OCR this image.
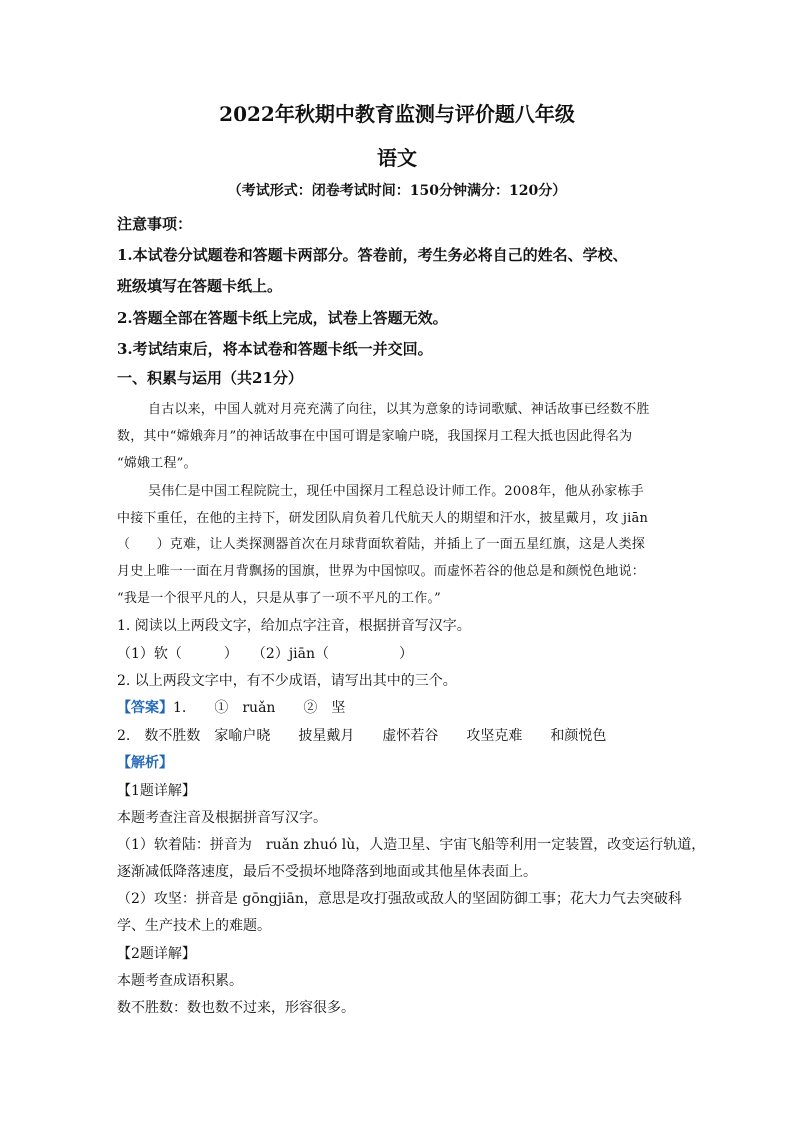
2022年秋期中教育监测与评价题八年级
语文
（考试形式：闭卷考试时间：150分钟满分：120分）
注意事项：
1.本试卷分试题卷和答题卡两部分。答卷前，考生务必将自己的姓名、学校、
班级填写在答题卡纸上。
2.答题全部在答题卡纸上完成，试卷上答题无效。
3.考试结束后，将本试卷和答题卡纸一并交回。
一、积累与运用（共21分）
自古以来，中国人就对月亮充满了向往，以其为意象的诗词歌赋、神话故事已经数不胜
数，其中“嫦娥奔月”的神话故事在中国可谓是家喻户晓，我国探月工程大抵也因此得名为
“嫦娥工程”。
吴伟仁是中国工程院院士，现任中国探月工程总设计师工作。2008年，他从孙家栋手
中接下重任，在他的主持下，研发团队肩负着几代航天人的期望和汗水，披星戴月，攻 jiān
（　　）克难，让人类探测器首次在月球背面软着陆，并插上了一面五星红旗，这是人类探
月史上唯一一面在月背飘扬的国旗，世界为中国惊叹。而虚怀若谷的他总是和颜悦色地说：
“我是一个很平凡的人，只是从事了一项不平凡的工作。”
1. 阅读以上两段文字，给加点字注音，根据拼音写汉字。
（1）软（　　　）　　（2）jiān（　　　　　）
2. 以上两段文字中，有不少成语，请写出其中的三个。
【答案】1.　　①　ruǎn　　②　坚
2.　数不胜数　家喻户晓　　披星戴月　　虚怀若谷　　攻坚克难　　和颜悦色
【解析】
【1题详解】
本题考查注音及根据拼音写汉字。
（1）软着陆：拼音为　ruǎn zhuó lù，人造卫星、宇宙飞船等利用一定装置，改变运行轨道，
逐渐减低降落速度，最后不受损坏地降落到地面或其他星体表面上。
（2）攻坚：拼音是 gōngjiān，意思是攻打强敌或敌人的坚固防御工事；花大力气去突破科
学、生产技术上的难题。
【2题详解】
本题考查成语积累。
数不胜数：数也数不过来，形容很多。
